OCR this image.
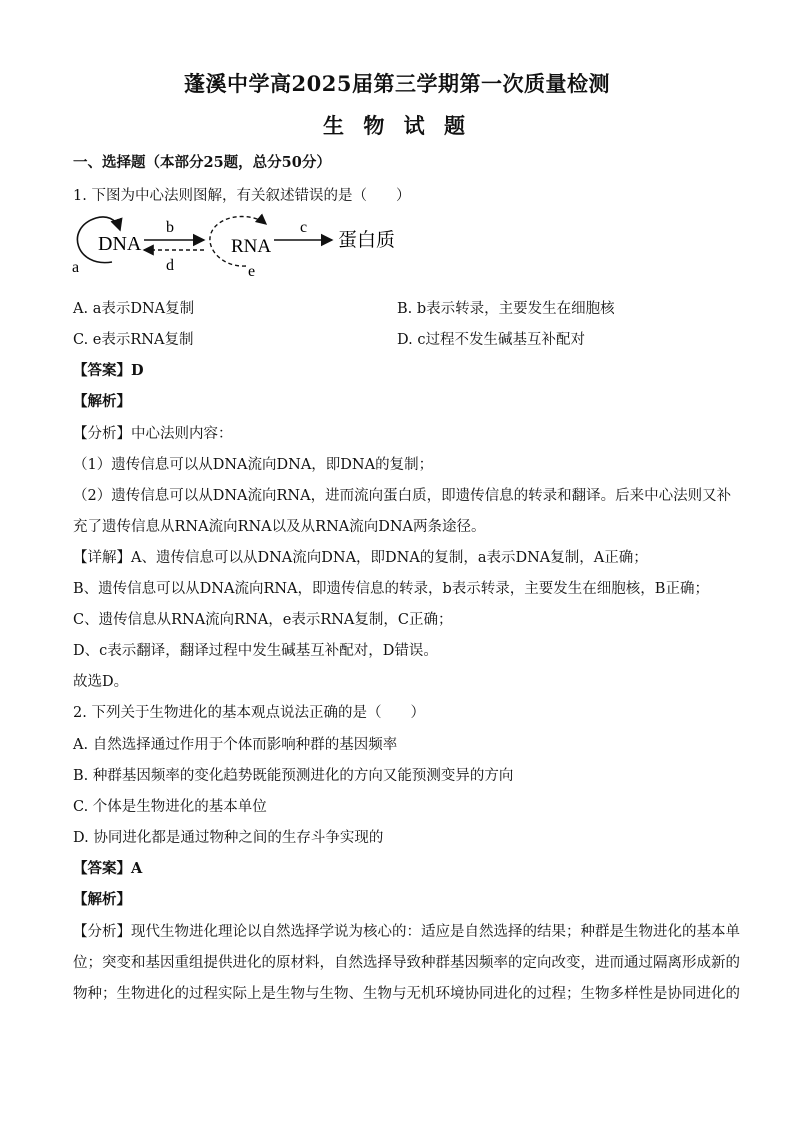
蓬溪中学高2025届第三学期第一次质量检测
生 物 试 题
一、选择题（本部分25题，总分50分）
1. 下图为中心法则图解，有关叙述错误的是（　　）
DNA
a
b
d
RNA
e
c
蛋白质
A. a表示DNA复制	B. b表示转录，主要发生在细胞核
C. e表示RNA复制	D. c过程不发生碱基互补配对
【答案】D
【解析】
【分析】中心法则内容：
（1）遗传信息可以从DNA流向DNA，即DNA的复制；
（2）遗传信息可以从DNA流向RNA，进而流向蛋白质，即遗传信息的转录和翻译。后来中心法则又补
充了遗传信息从RNA流向RNA以及从RNA流向DNA两条途径。
【详解】A、遗传信息可以从DNA流向DNA，即DNA的复制，a表示DNA复制，A正确；
B、遗传信息可以从DNA流向RNA，即遗传信息的转录，b表示转录，主要发生在细胞核，B正确；
C、遗传信息从RNA流向RNA，e表示RNA复制，C正确；
D、c表示翻译，翻译过程中发生碱基互补配对，D错误。
故选D。
2. 下列关于生物进化的基本观点说法正确的是（　　）
A. 自然选择通过作用于个体而影响种群的基因频率
B. 种群基因频率的变化趋势既能预测进化的方向又能预测变异的方向
C. 个体是生物进化的基本单位
D. 协同进化都是通过物种之间的生存斗争实现的
【答案】A
【解析】
【分析】现代生物进化理论以自然选择学说为核心的：适应是自然选择的结果；种群是生物进化的基本单
位；突变和基因重组提供进化的原材料，自然选择导致种群基因频率的定向改变，进而通过隔离形成新的
物种；生物进化的过程实际上是生物与生物、生物与无机环境协同进化的过程；生物多样性是协同进化的
